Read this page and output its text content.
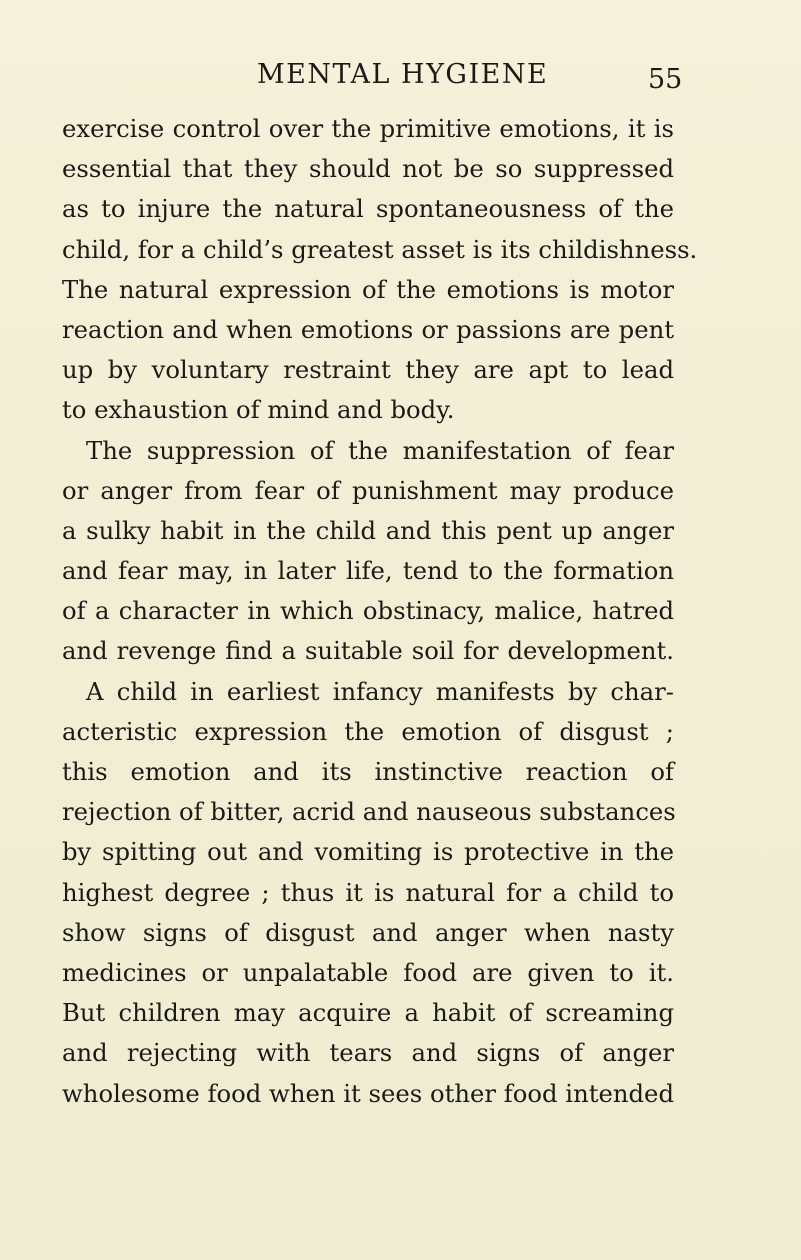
MENTAL HYGIENE	55
exercise control over the primitive emotions, it is
essential that they should not be so suppressed
as to injure the natural spontaneousness of the
child, for a child’s greatest asset is its childishness.
The natural expression of the emotions is motor
reaction and when emotions or passions are pent
up by voluntary restraint they are apt to lead
to exhaustion of mind and body.
The suppression of the manifestation of fear
or anger from fear of punishment may produce
a sulky habit in the child and this pent up anger
and fear may, in later life, tend to the formation
of a character in which obstinacy, malice, hatred
and revenge find a suitable soil for development.
A child in earliest infancy manifests by char-
acteristic expression the emotion of disgust ;
this emotion and its instinctive reaction of
rejection of bitter, acrid and nauseous substances
by spitting out and vomiting is protective in the
highest degree ; thus it is natural for a child to
show signs of disgust and anger when nasty
medicines or unpalatable food are given to it.
But children may acquire a habit of screaming
and rejecting with tears and signs of anger
wholesome food when it sees other food intended
